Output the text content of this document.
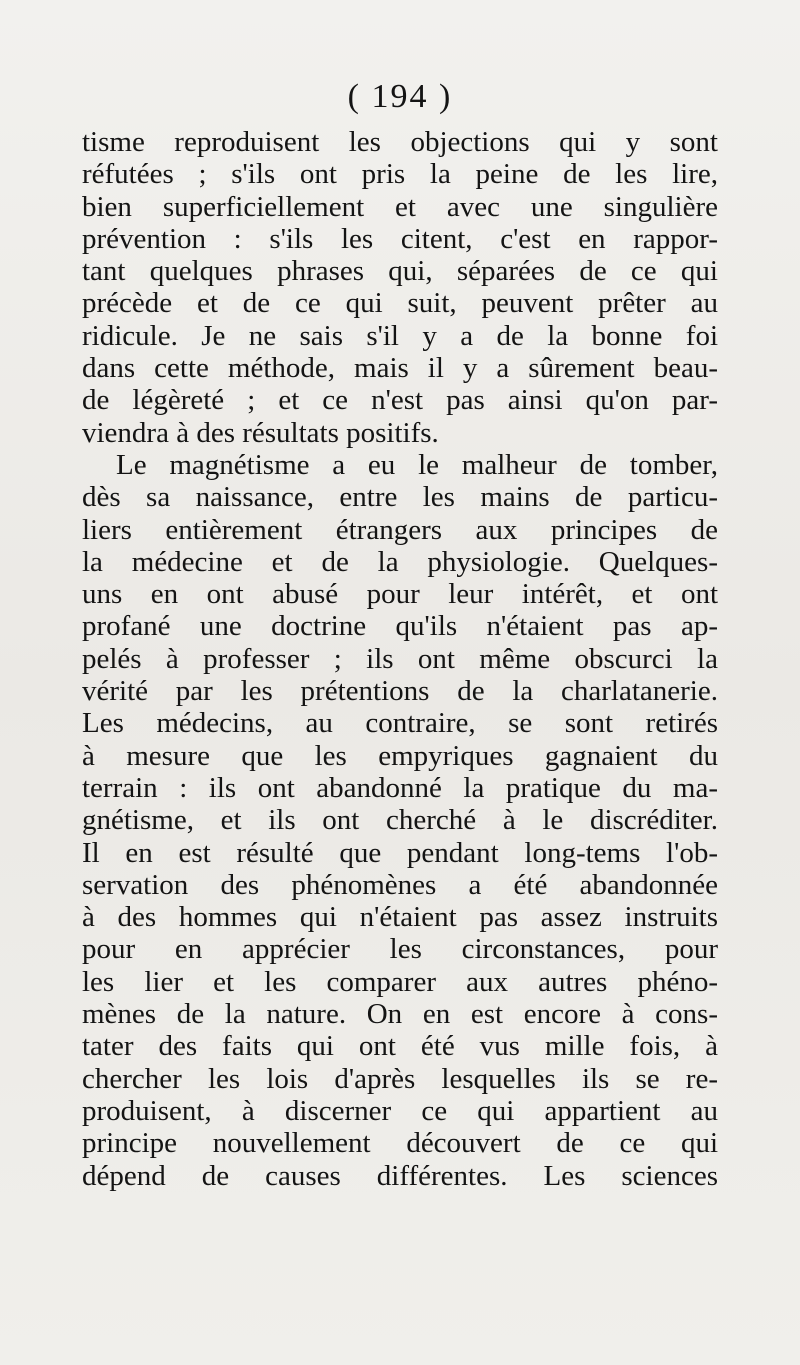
( 194 )
tisme reproduisent les objections qui y sont
réfutées ; s'ils ont pris la peine de les lire,
bien superficiellement et avec une singulière
prévention : s'ils les citent, c'est en rappor-
tant quelques phrases qui, séparées de ce qui
précède et de ce qui suit, peuvent prêter au
ridicule. Je ne sais s'il y a de la bonne foi
dans cette méthode, mais il y a sûrement beau-
de légèreté ; et ce n'est pas ainsi qu'on par-
viendra à des résultats positifs.
Le magnétisme a eu le malheur de tomber,
dès sa naissance, entre les mains de particu-
liers entièrement étrangers aux principes de
la médecine et de la physiologie. Quelques-
uns en ont abusé pour leur intérêt, et ont
profané une doctrine qu'ils n'étaient pas ap-
pelés à professer ; ils ont même obscurci la
vérité par les prétentions de la charlatanerie.
Les médecins, au contraire, se sont retirés
à mesure que les empyriques gagnaient du
terrain : ils ont abandonné la pratique du ma-
gnétisme, et ils ont cherché à le discréditer.
Il en est résulté que pendant long-tems l'ob-
servation des phénomènes a été abandonnée
à des hommes qui n'étaient pas assez instruits
pour en apprécier les circonstances, pour
les lier et les comparer aux autres phéno-
mènes de la nature. On en est encore à cons-
tater des faits qui ont été vus mille fois, à
chercher les lois d'après lesquelles ils se re-
produisent, à discerner ce qui appartient au
principe nouvellement découvert de ce qui
dépend de causes différentes. Les sciences
